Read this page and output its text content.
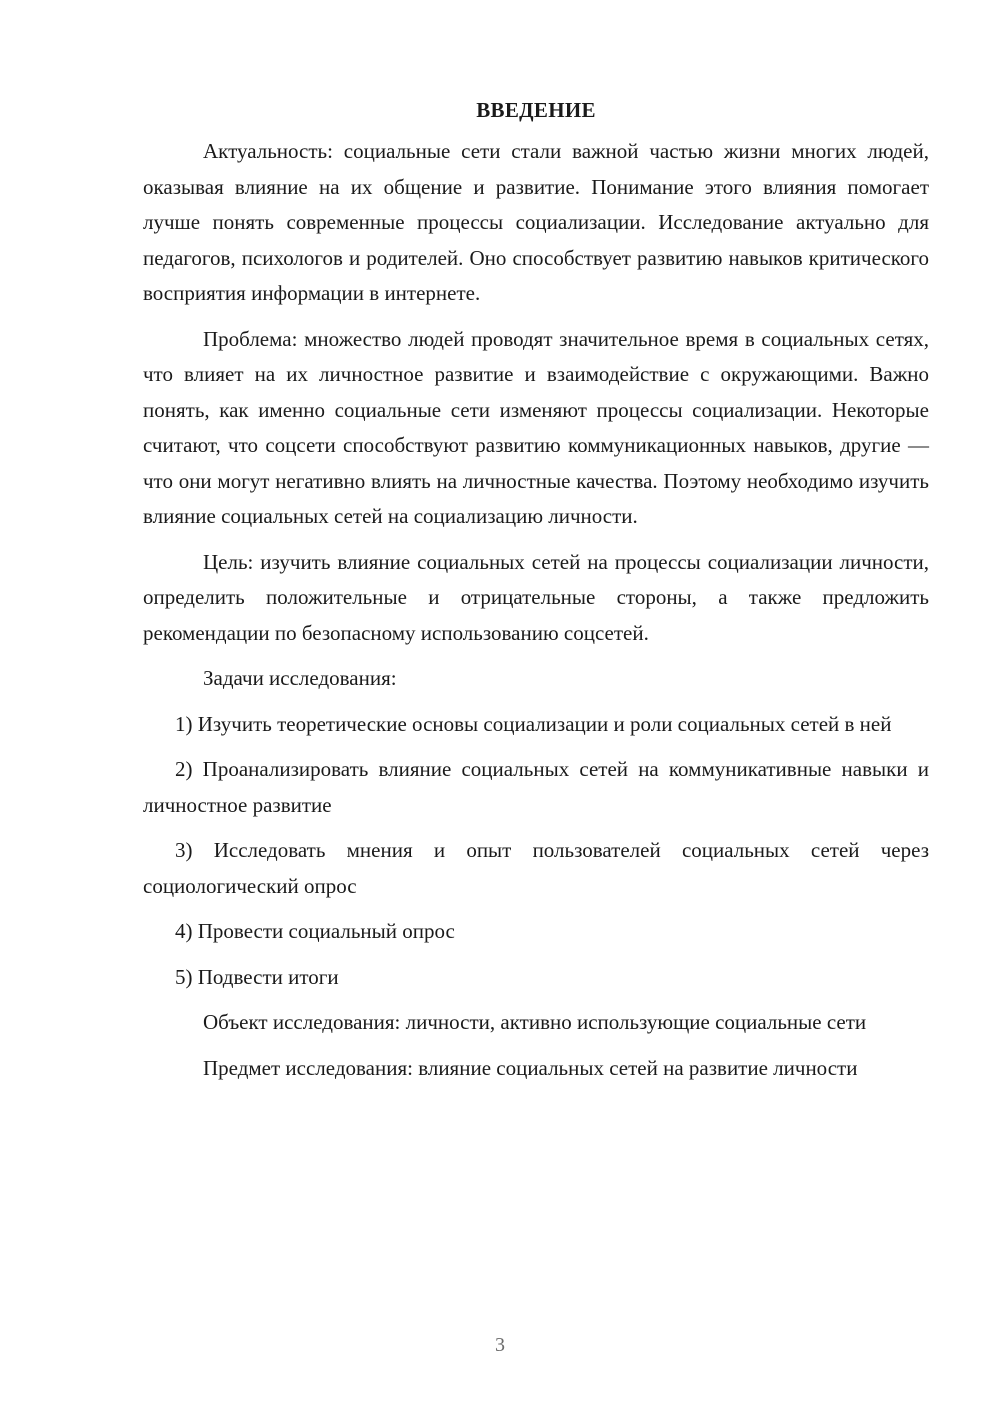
ВВЕДЕНИЕ
Актуальность: социальные сети стали важной частью жизни многих людей, оказывая влияние на их общение и развитие. Понимание этого влияния помогает лучше понять современные процессы социализации. Исследование актуально для педагогов, психологов и родителей. Оно способствует развитию навыков критического восприятия информации в интернете.
Проблема: множество людей проводят значительное время в социальных сетях, что влияет на их личностное развитие и взаимодействие с окружающими. Важно понять, как именно социальные сети изменяют процессы социализации. Некоторые считают, что соцсети способствуют развитию коммуникационных навыков, другие — что они могут негативно влиять на личностные качества. Поэтому необходимо изучить влияние социальных сетей на социализацию личности.
Цель: изучить влияние социальных сетей на процессы социализации личности, определить положительные и отрицательные стороны, а также предложить рекомендации по безопасному использованию соцсетей.
Задачи исследования:
1) Изучить теоретические основы социализации и роли социальных сетей в ней
2) Проанализировать влияние социальных сетей на коммуникативные навыки и личностное развитие
3) Исследовать мнения и опыт пользователей социальных сетей через социологический опрос
4) Провести социальный опрос
5) Подвести итоги
Объект исследования: личности, активно использующие социальные сети
Предмет исследования: влияние социальных сетей на развитие личности
3
